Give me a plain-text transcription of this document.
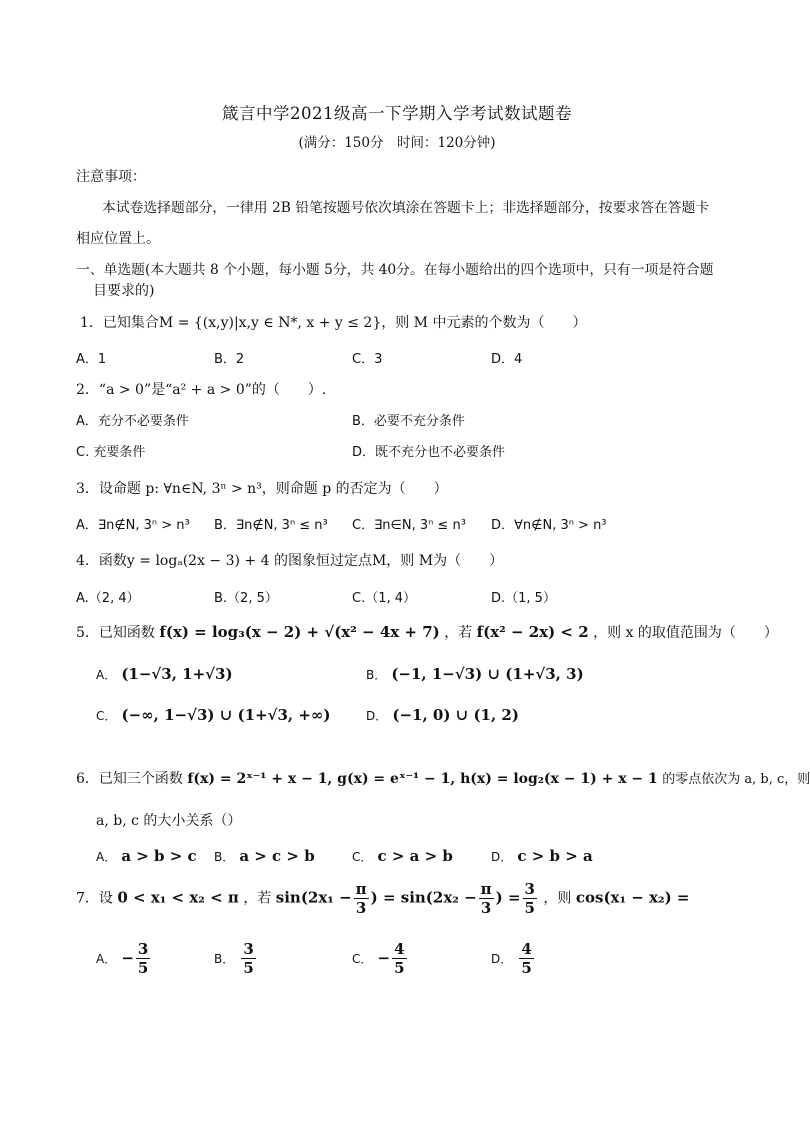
箴言中学2021级高一下学期入学考试数试题卷
(满分：150分　时间：120分钟)
注意事项：
本试卷选择题部分，一律用 2B 铅笔按题号依次填涂在答题卡上；非选择题部分，按要求答在答题卡
相应位置上。
一、单选题(本大题共 8 个小题，每小题 5分，共 40分。在每小题给出的四个选项中，只有一项是符合题
目要求的)
1．已知集合M = {(x,y)|x,y ∈ N*, x + y ≤ 2}，则 M 中元素的个数为（　　）
A．1	B．2	C．3	D．4
2．“a > 0”是“a² + a > 0”的（　　）.
A．充分不必要条件	B．必要不充分条件
C. 充要条件	D．既不充分也不必要条件
3．设命题 p: ∀n∈N, 3ⁿ > n³，则命题 p 的否定为（　　）
A．∃n∉N, 3ⁿ > n³ B．∃n∉N, 3ⁿ ≤ n³ C．∃n∈N, 3ⁿ ≤ n³ D．∀n∉N, 3ⁿ > n³
4．函数y = logₐ(2x − 3) + 4 的图象恒过定点M，则 M为（　　）
A.（2, 4）	B.（2, 5）	C.（1, 4）	D.（1, 5）
5．已知函数 f(x) = log₃(x − 2) + √(x² − 4x + 7) ，若 f(x² − 2x) < 2 ，则 x 的取值范围为（　　）
A． (1−√3, 1+√3)	B． (−1, 1−√3) ∪ (1+√3, 3)
C． (−∞, 1−√3) ∪ (1+√3, +∞)	D． (−1, 0) ∪ (1, 2)
6．已知三个函数 f(x) = 2ˣ⁻¹ + x − 1, g(x) = eˣ⁻¹ − 1, h(x) = log₂(x − 1) + x − 1 的零点依次为 a, b, c，则
a, b, c 的大小关系（）
A． a > b > c B． a > c > b	C． c > a > b	D． c > b > a
7．设 0 < x₁ < x₂ < π ，若 $\sin(2x_1 - \frac{\pi}{3}$ ) = $\sin(2x_2 - \frac{\pi}{3}$ ) = $\frac{3}{5}$ ，则 cos(x₁ − x₂) =
A． − $\frac{3}{5}$	B． $\frac{3}{5}$	C． − $\frac{4}{5}$	D． $\frac{4}{5}$
